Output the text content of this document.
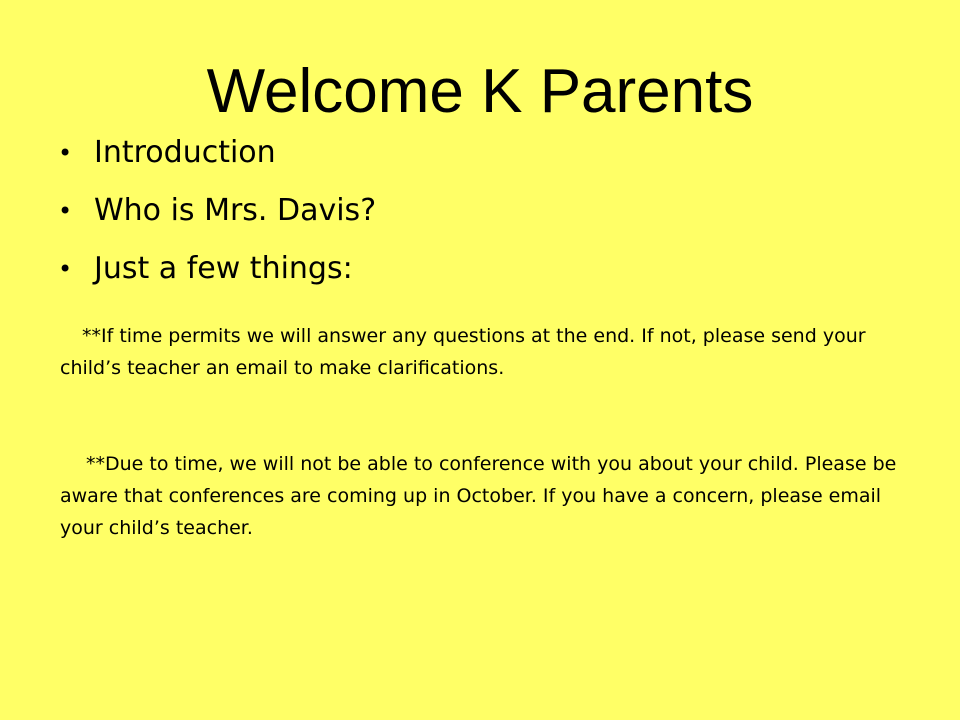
Welcome K Parents
• Introduction
• Who is Mrs. Davis?
• Just a few things:

**If time permits we will answer any questions at the end. If not, please send your child’s teacher an email to make clarifications.

**Due to time, we will not be able to conference with you about your child. Please be aware that conferences are coming up in October. If you have a concern, please email your child’s teacher.
